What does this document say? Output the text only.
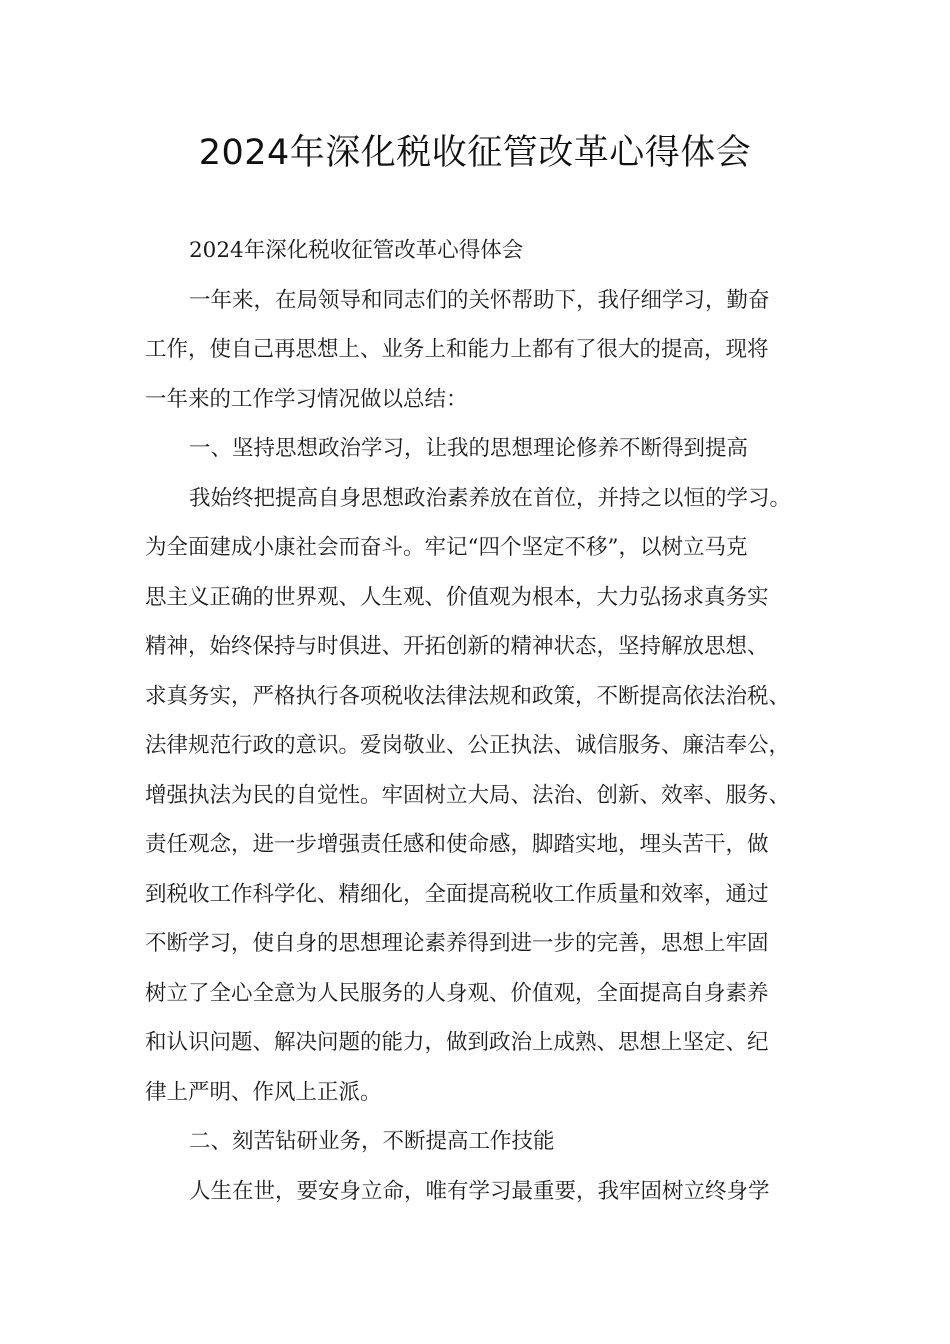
2024年深化税收征管改革心得体会
2024年深化税收征管改革心得体会
一年来，在局领导和同志们的关怀帮助下，我仔细学习，勤奋
工作，使自己再思想上、业务上和能力上都有了很大的提高，现将
一年来的工作学习情况做以总结：
一、坚持思想政治学习，让我的思想理论修养不断得到提高
我始终把提高自身思想政治素养放在首位，并持之以恒的学习。
为全面建成小康社会而奋斗。牢记“四个坚定不移”，以树立马克
思主义正确的世界观、人生观、价值观为根本，大力弘扬求真务实
精神，始终保持与时俱进、开拓创新的精神状态，坚持解放思想、
求真务实，严格执行各项税收法律法规和政策，不断提高依法治税、
法律规范行政的意识。爱岗敬业、公正执法、诚信服务、廉洁奉公，
增强执法为民的自觉性。牢固树立大局、法治、创新、效率、服务、
责任观念，进一步增强责任感和使命感，脚踏实地，埋头苦干，做
到税收工作科学化、精细化，全面提高税收工作质量和效率，通过
不断学习，使自身的思想理论素养得到进一步的完善，思想上牢固
树立了全心全意为人民服务的人身观、价值观，全面提高自身素养
和认识问题、解决问题的能力，做到政治上成熟、思想上坚定、纪
律上严明、作风上正派。
二、刻苦钻研业务，不断提高工作技能
人生在世，要安身立命，唯有学习最重要，我牢固树立终身学
